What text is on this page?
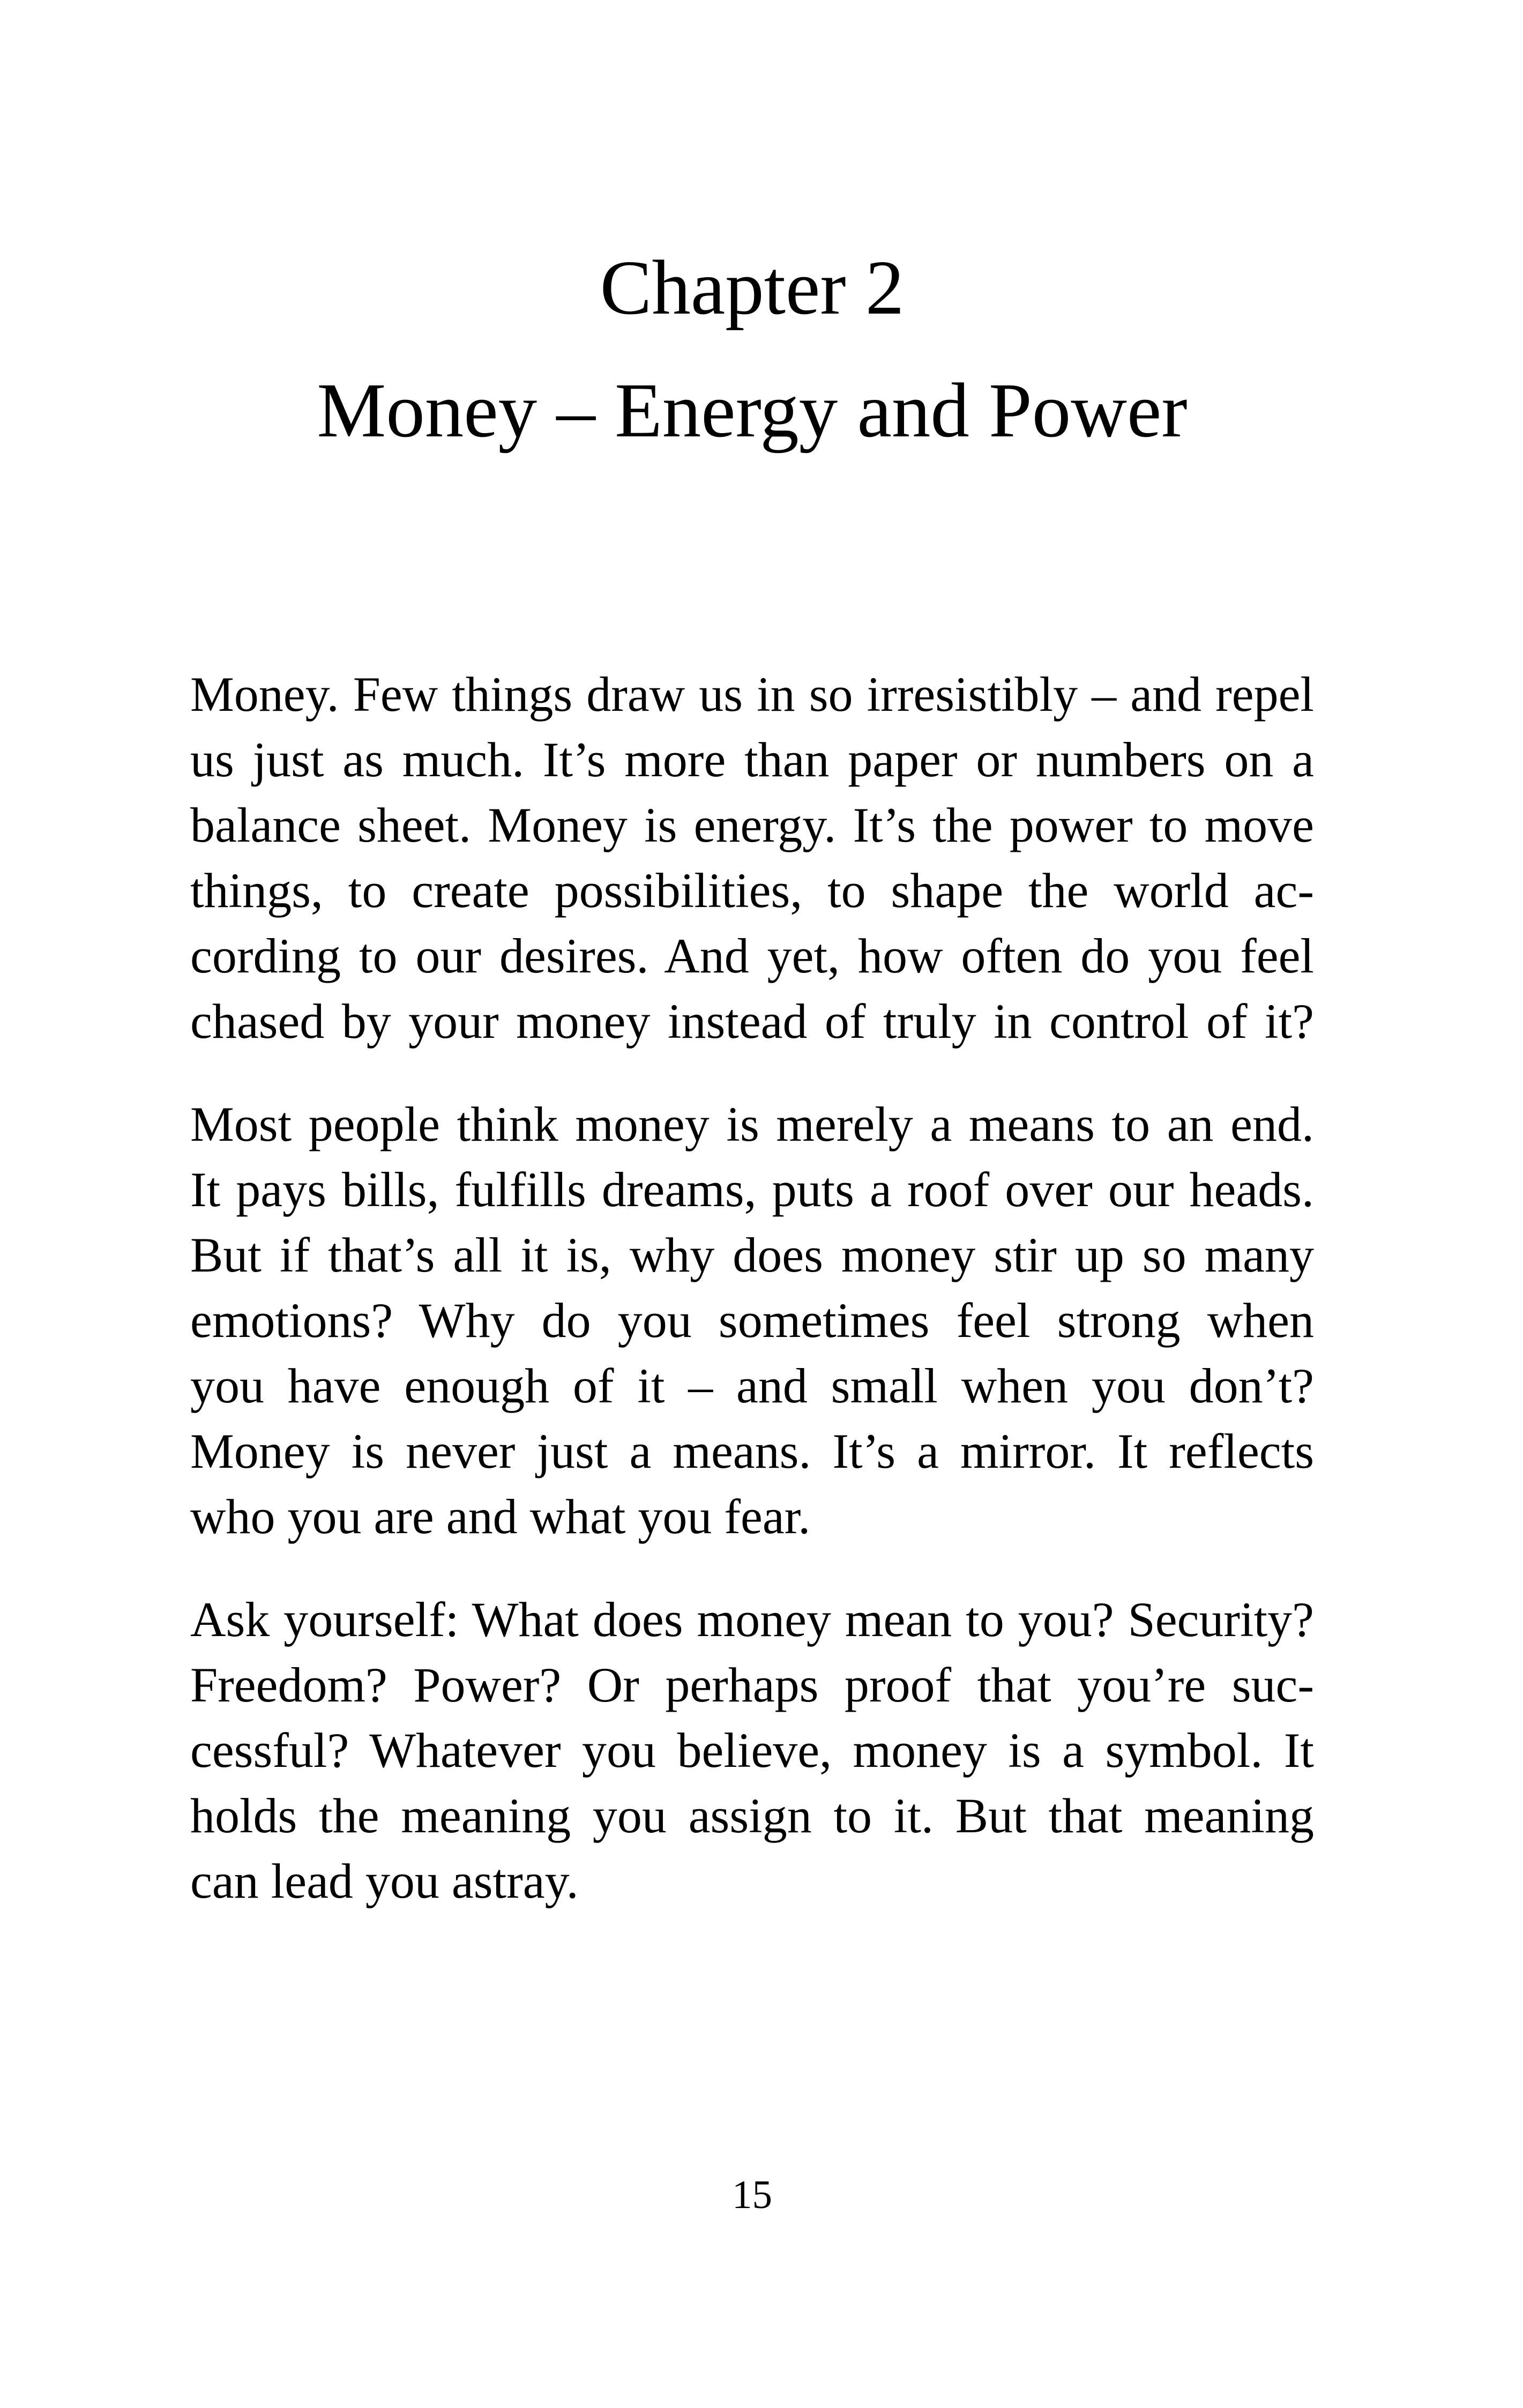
Chapter 2
Money – Energy and Power
Money. Few things draw us in so irresistibly – and repel
us just as much. It’s more than paper or numbers on a
balance sheet. Money is energy. It’s the power to move
things, to create possibilities, to shape the world ac-
cording to our desires. And yet, how often do you feel
chased by your money instead of truly in control of it?
Most people think money is merely a means to an end.
It pays bills, fulfills dreams, puts a roof over our heads.
But if that’s all it is, why does money stir up so many
emotions? Why do you sometimes feel strong when
you have enough of it – and small when you don’t?
Money is never just a means. It’s a mirror. It reflects
who you are and what you fear.
Ask yourself: What does money mean to you? Security?
Freedom? Power? Or perhaps proof that you’re suc-
cessful? Whatever you believe, money is a symbol. It
holds the meaning you assign to it. But that meaning
can lead you astray.
15
